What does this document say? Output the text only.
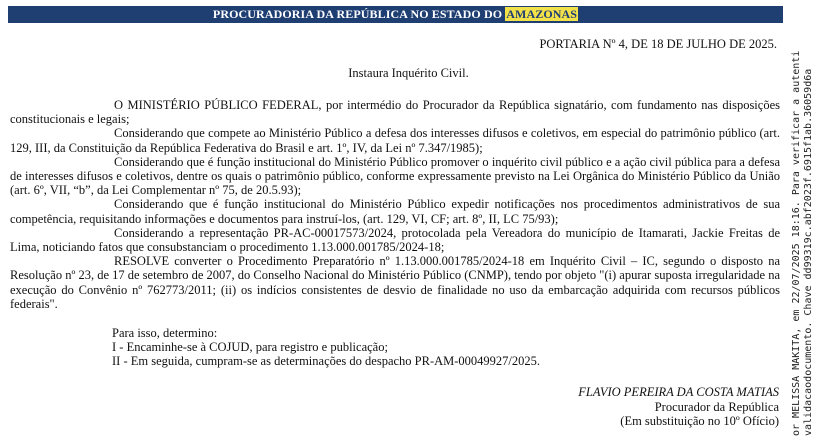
PROCURADORIA DA REPÚBLICA NO ESTADO DO AMAZONAS
PORTARIA Nº 4, DE 18 DE JULHO DE 2025.
Instaura Inquérito Civil.

O MINISTÉRIO PÚBLICO FEDERAL, por intermédio do Procurador da República signatário, com fundamento nas disposições constitucionais e legais;

Considerando que compete ao Ministério Público a defesa dos interesses difusos e coletivos, em especial do patrimônio público (art. 129, III, da Constituição da República Federativa do Brasil e art. 1º, IV, da Lei nº 7.347/1985);

Considerando que é função institucional do Ministério Público promover o inquérito civil público e a ação civil pública para a defesa de interesses difusos e coletivos, dentre os quais o patrimônio público, conforme expressamente previsto na Lei Orgânica do Ministério Público da União (art. 6º, VII, “b”, da Lei Complementar nº 75, de 20.5.93);

Considerando que é função institucional do Ministério Público expedir notificações nos procedimentos administrativos de sua competência, requisitando informações e documentos para instruí-los, (art. 129, VI, CF; art. 8º, II, LC 75/93);

Considerando a representação PR-AC-00017573/2024, protocolada pela Vereadora do município de Itamarati, Jackie Freitas de Lima, noticiando fatos que consubstanciam o procedimento 1.13.000.001785/2024-18;

RESOLVE converter o Procedimento Preparatório nº 1.13.000.001785/2024-18 em Inquérito Civil – IC, segundo o disposto na Resolução nº 23, de 17 de setembro de 2007, do Conselho Nacional do Ministério Público (CNMP), tendo por objeto "(i) apurar suposta irregularidade na execução do Convênio nº 762773/2011; (ii) os indícios consistentes de desvio de finalidade no uso da embarcação adquirida com recursos públicos federais".

Para isso, determino:
I - Encaminhe-se à COJUD, para registro e publicação;
II - Em seguida, cumpram-se as determinações do despacho PR-AM-00049927/2025.
FLAVIO PEREIRA DA COSTA MATIAS
Procurador da República
(Em substituição no 10º Ofício) or MELISSA MAKITA, em 22/07/2025 18:16. Para verificar a autenti validacaodocumento. Chave dd99319c.abf2023f.6915f1ab.36059d6a
